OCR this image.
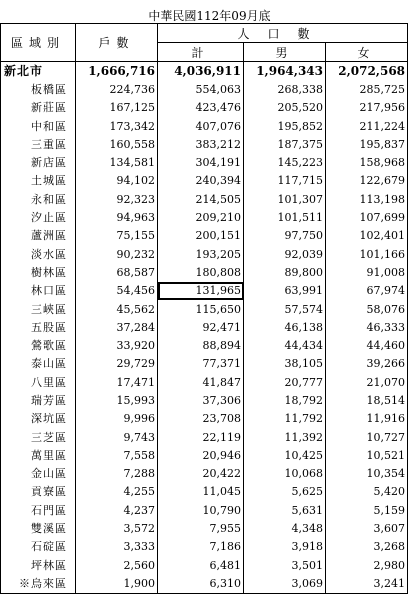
中華民國112年09月底
區域別	戶數	人口數		
		計	男	女
新北市	1,666,716	4,036,911	1,964,343	2,072,568
板橋區	224,736	554,063	268,338	285,725
新莊區	167,125	423,476	205,520	217,956
中和區	173,342	407,076	195,852	211,224
三重區	160,558	383,212	187,375	195,837
新店區	134,581	304,191	145,223	158,968
土城區	94,102	240,394	117,715	122,679
永和區	92,323	214,505	101,307	113,198
汐止區	94,963	209,210	101,511	107,699
蘆洲區	75,155	200,151	97,750	102,401
淡水區	90,232	193,205	92,039	101,166
樹林區	68,587	180,808	89,800	91,008
林口區	54,456	131,965	63,991	67,974
三峽區	45,562	115,650	57,574	58,076
五股區	37,284	92,471	46,138	46,333
鶯歌區	33,920	88,894	44,434	44,460
泰山區	29,729	77,371	38,105	39,266
八里區	17,471	41,847	20,777	21,070
瑞芳區	15,993	37,306	18,792	18,514
深坑區	9,996	23,708	11,792	11,916
三芝區	9,743	22,119	11,392	10,727
萬里區	7,558	20,946	10,425	10,521
金山區	7,288	20,422	10,068	10,354
貢寮區	4,255	11,045	5,625	5,420
石門區	4,237	10,790	5,631	5,159
雙溪區	3,572	7,955	4,348	3,607
石碇區	3,333	7,186	3,918	3,268
坪林區	2,560	6,481	3,501	2,980
※烏來區	1,900	6,310	3,069	3,241
